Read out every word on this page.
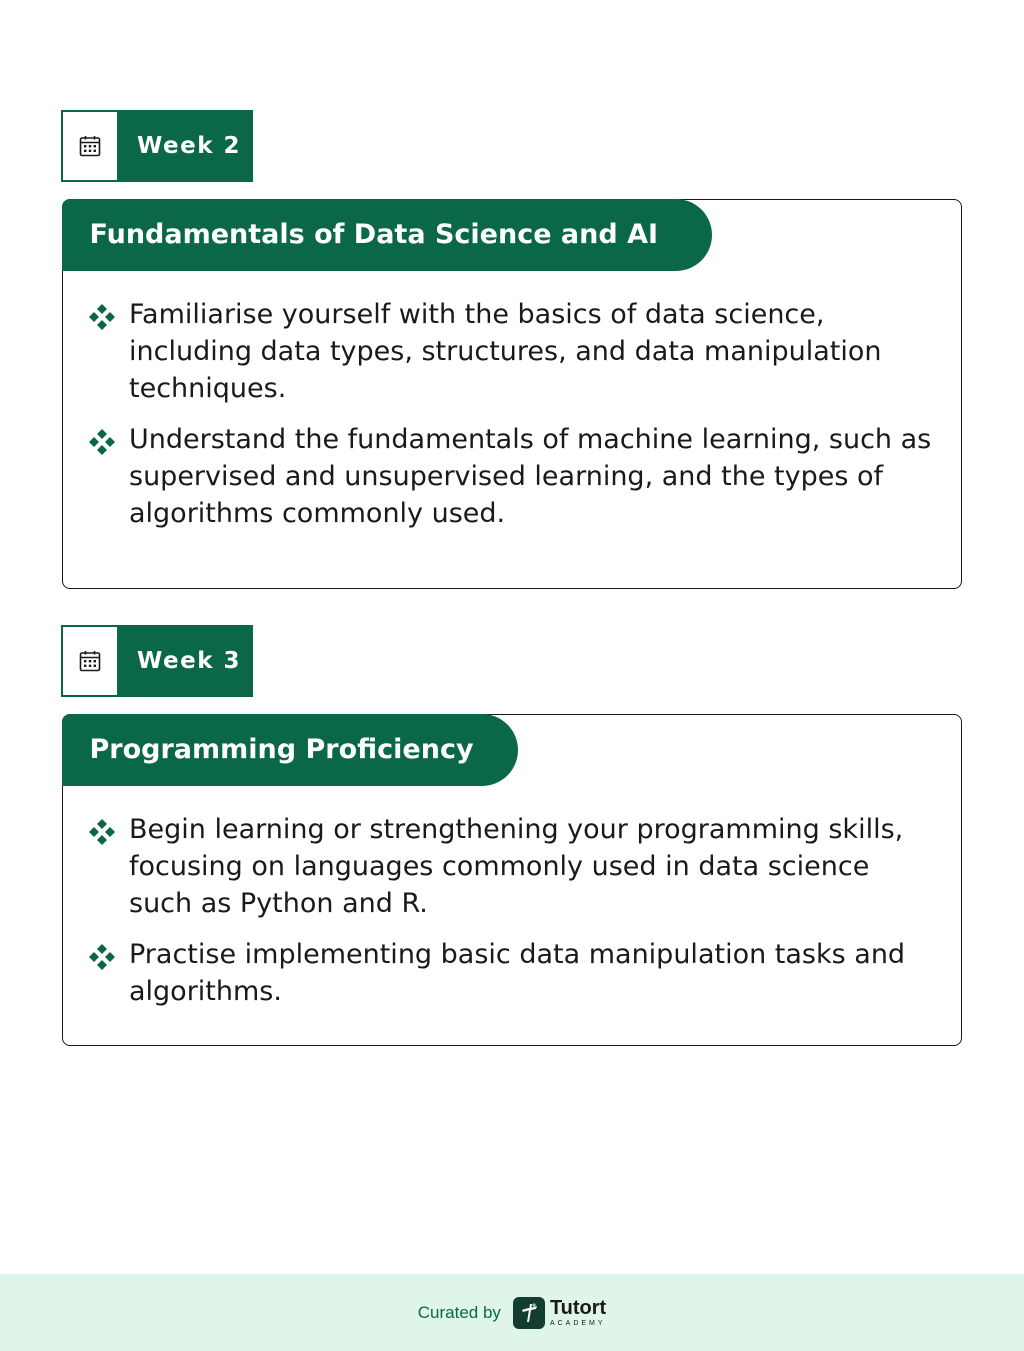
Week 2
Fundamentals of Data Science and AI
Familiarise yourself with the basics of data science, including data types, structures, and data manipulation techniques.
Understand the fundamentals of machine learning, such as supervised and unsupervised learning, and the types of algorithms commonly used.
Week 3
Programming Proficiency
Begin learning or strengthening your programming skills, focusing on languages commonly used in data science such as Python and R.
Practise implementing basic data manipulation tasks and algorithms.
Curated by Tutort
ACADEMY
